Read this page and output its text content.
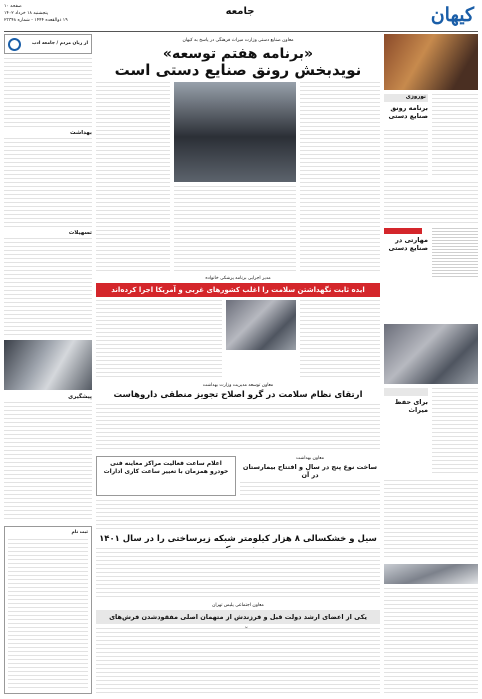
صفحه ۱۰
پنجشنبه ۱۸ خرداد ۱۴۰۲
۱۹ ذوالقعده ۱۴۴۴ - شماره ۲۳۳۴۸
جامعه	کیهان
نوروزی
برنامه رونق صنایع دستی
مهارتی در صنایع دستی
برای حفظ میراث
از زبان مردم / جامعه ادب
بهداشت
تسهیلات
پیشگیری
ثبت نام
معاون صنایع دستی وزارت میراث فرهنگی در پاسخ به کیهان
«برنامه هفتم توسعه»
نویدبخش رونق صنایع دستی است
مدیر اجرایی برنامه پزشکی خانواده
ایده ثابت نگهداشتن سلامت را اغلب کشورهای غربی و آمریکا اجرا کرده‌اند
معاون توسعه مدیریت وزارت بهداشت
ارتقای نظام سلامت در گرو اصلاح تجویز منطقی داروهاست
اعلام ساعت فعالیت مراکز معاینه فنی خودرو همزمان با تغییر ساعت کاری ادارات
معاون بهداشت
ساخت نوع پنج در سال و افتتاح بیمارستان در آن
سیل و خشکسالی ۸ هزار کیلومتر شبکه زیرساختی را در سال ۱۴۰۱
معاون اجتماعی پلیس تهران
یکی از اعضای ارشد دولت قبل و فرزندش از متهمان اصلی مفقودشدن فرش‌های
